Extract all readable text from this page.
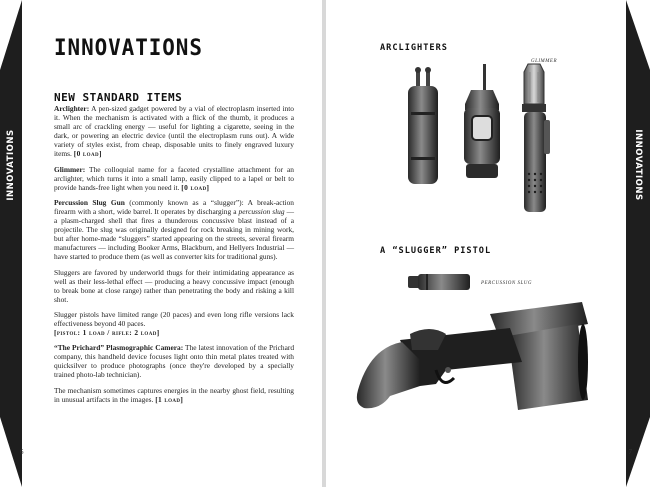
INNOVATIONS
INNOVATIONS
NEW STANDARD ITEMS

Arclighter: A pen-sized gadget powered by a vial of electroplasm inserted into it. When the mechanism is activated with a flick of the thumb, it produces a small arc of crackling energy — useful for lighting a cigarette, seeing in the dark, or powering an electric device (until the electroplasm runs out). A wide variety of styles exist, from cheap, disposable units to finely engraved luxury items. [0 load]

Glimmer: The colloquial name for a faceted crystalline attachment for an arclighter, which turns it into a small lamp, easily clipped to a lapel or belt to provide hands-free light when you need it. [0 load]

Percussion Slug Gun (commonly known as a “slugger”): A break-action firearm with a short, wide barrel. It operates by discharging a percussion slug — a plasm-charged shell that fires a thunderous concussive blast instead of a projectile. The slug was originally designed for rock breaking in mining work, but after home-made “sluggers” started appearing on the streets, several firearm manufacturers — including Booker Arms, Blackburn, and Hellyers Industrial — have started to produce them (as well as converter kits for traditional guns).

Sluggers are favored by underworld thugs for their intimidating appearance as well as their less-lethal effect — producing a heavy concussive impact (enough to break bone at close range) rather than penetrating the body and risking a kill shot.

Slugger pistols have limited range (20 paces) and even long rifle versions lack effectiveness beyond 40 paces.
[pistol: 1 load / rifle: 2 load]

“The Prichard” Plasmographic Camera: The latest innovation of the Prichard company, this handheld device focuses light onto thin metal plates treated with quicksilver to produce photographs (once they're developed by a specially trained photo-lab technician).

The mechanism sometimes captures energies in the nearby ghost field, resulting in unusual artifacts in the images. [1 load]

6
INNOVATIONS
ARCLIGHTERS
GLIMMER
A “SLUGGER” PISTOL
PERCUSSION SLUG
7
